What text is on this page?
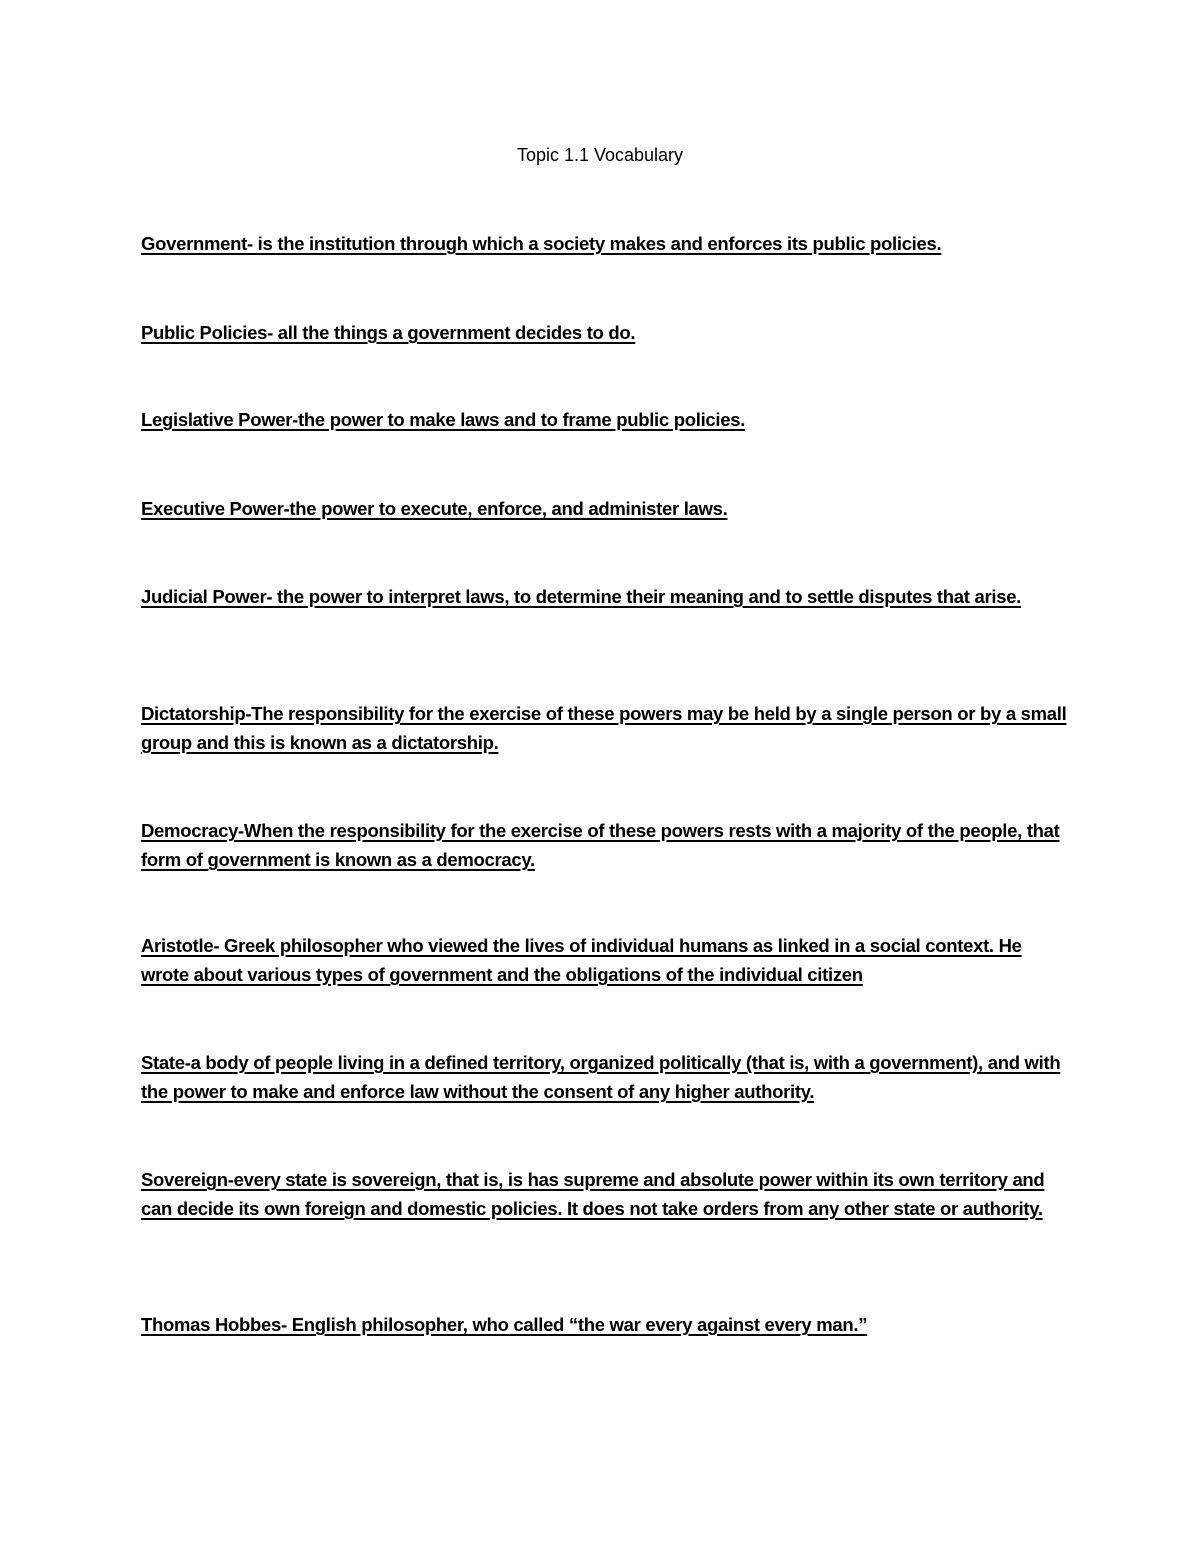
Topic 1.1 Vocabulary

Government- is the institution through which a society makes and enforces its public policies.

Public Policies- all the things a government decides to do.

Legislative Power-the power to make laws and to frame public policies.

Executive Power-the power to execute, enforce, and administer laws.

Judicial Power- the power to interpret laws, to determine their meaning and to settle disputes that arise.

Dictatorship-The responsibility for the exercise of these powers may be held by a single person or by a small group and this is known as a dictatorship.

Democracy-When the responsibility for the exercise of these powers rests with a majority of the people, that form of government is known as a democracy.

Aristotle- Greek philosopher who viewed the lives of individual humans as linked in a social context. He wrote about various types of government and the obligations of the individual citizen

State-a body of people living in a defined territory, organized politically (that is, with a government), and with the power to make and enforce law without the consent of any higher authority.

Sovereign-every state is sovereign, that is, is has supreme and absolute power within its own territory and can decide its own foreign and domestic policies. It does not take orders from any other state or authority.

Thomas Hobbes- English philosopher, who called “the war every against every man.”
